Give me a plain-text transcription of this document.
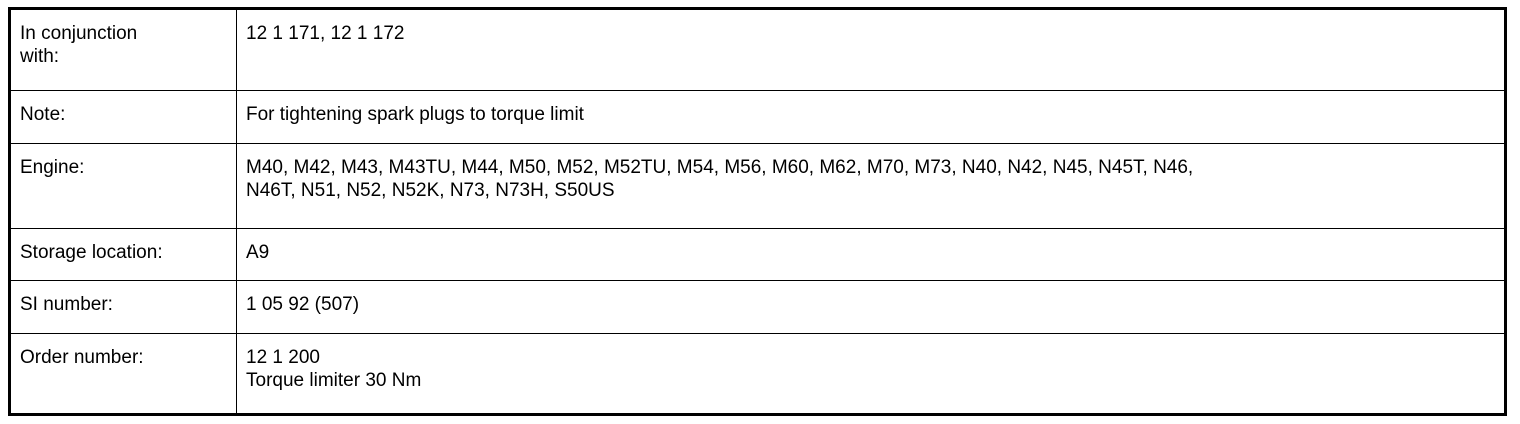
In conjunction
with:	12 1 171, 12 1 172
Note:	For tightening spark plugs to torque limit
Engine:	M40, M42, M43, M43TU, M44, M50, M52, M52TU, M54, M56, M60, M62, M70, M73, N40, N42, N45, N45T, N46,
N46T, N51, N52, N52K, N73, N73H, S50US
Storage location:	A9
SI number:	1 05 92 (507)
Order number:	12 1 200
Torque limiter 30 Nm
